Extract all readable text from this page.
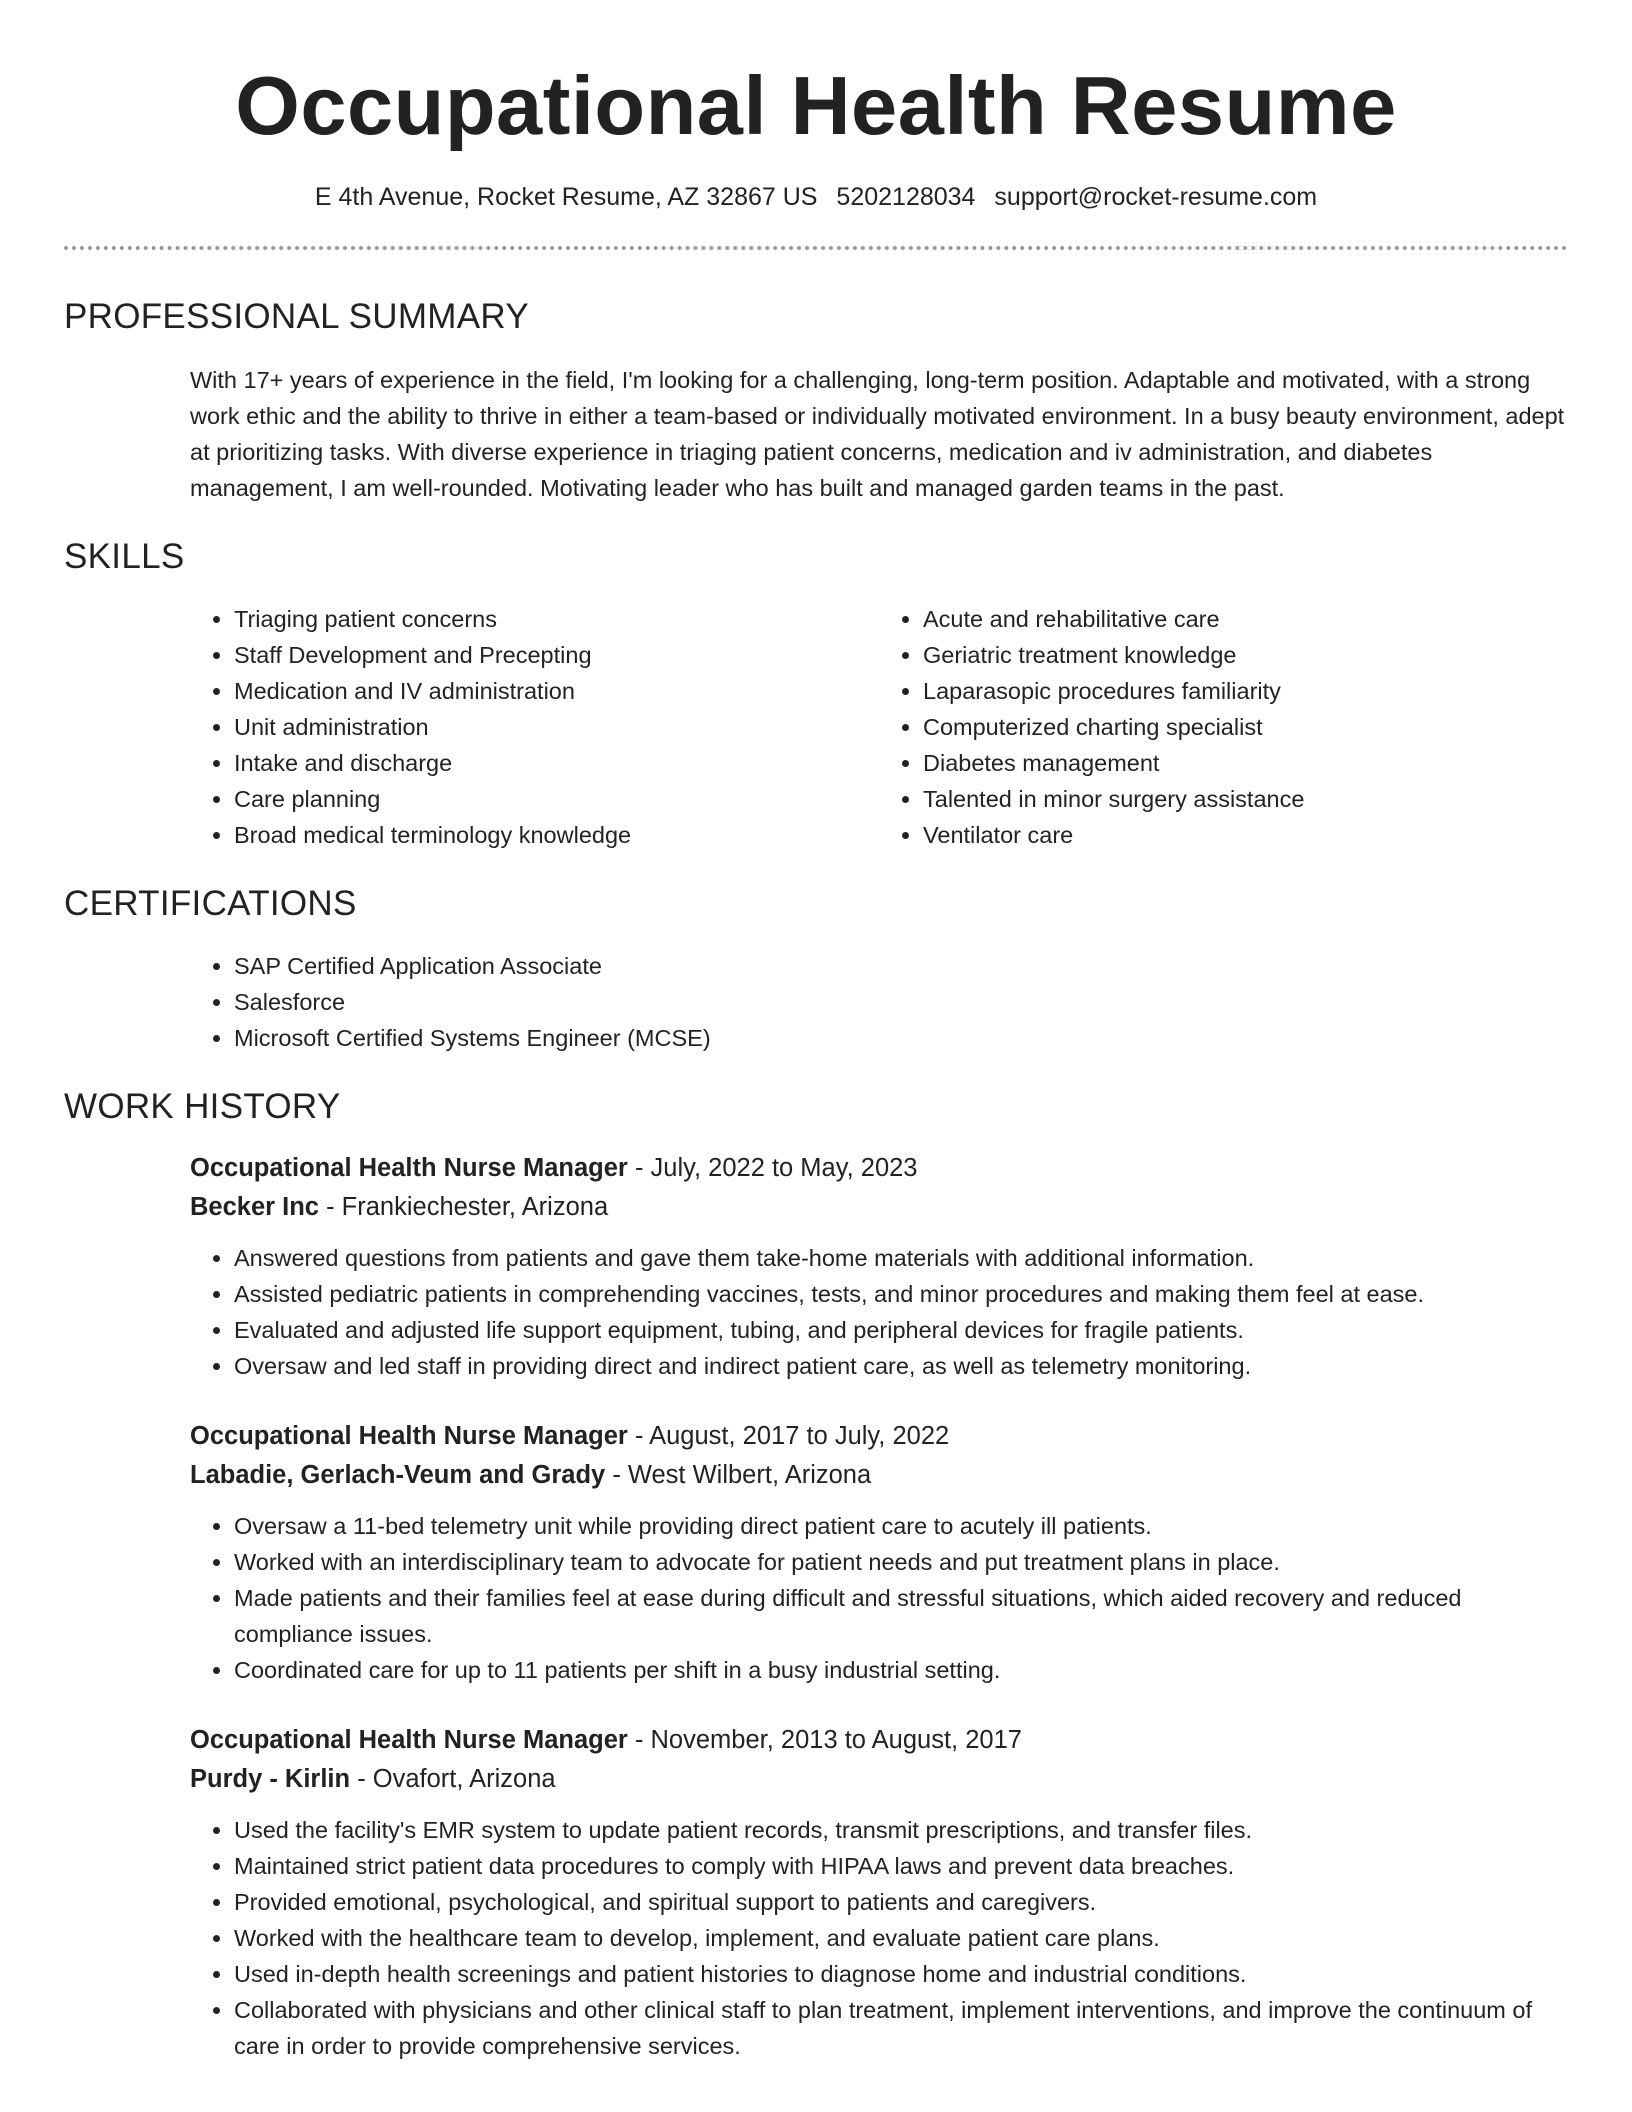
Occupational Health Resume
E 4th Avenue, Rocket Resume, AZ 32867 US 5202128034 support@rocket-resume.com
PROFESSIONAL SUMMARY

With 17+ years of experience in the field, I'm looking for a challenging, long-term position. Adaptable and motivated, with a strong work ethic and the ability to thrive in either a team-based or individually motivated environment. In a busy beauty environment, adept at prioritizing tasks. With diverse experience in triaging patient concerns, medication and iv administration, and diabetes management, I am well-rounded. Motivating leader who has built and managed garden teams in the past.

SKILLS
• Triaging patient concerns
• Staff Development and Precepting
• Medication and IV administration
• Unit administration
• Intake and discharge
• Care planning
• Broad medical terminology knowledge
• Acute and rehabilitative care
• Geriatric treatment knowledge
• Laparasopic procedures familiarity
• Computerized charting specialist
• Diabetes management
• Talented in minor surgery assistance
• Ventilator care
CERTIFICATIONS
• SAP Certified Application Associate
• Salesforce
• Microsoft Certified Systems Engineer (MCSE)
WORK HISTORY

Occupational Health Nurse Manager - July, 2022 to May, 2023

Becker Inc - Frankiechester, Arizona

• Answered questions from patients and gave them take-home materials with additional information.
• Assisted pediatric patients in comprehending vaccines, tests, and minor procedures and making them feel at ease.
• Evaluated and adjusted life support equipment, tubing, and peripheral devices for fragile patients.
• Oversaw and led staff in providing direct and indirect patient care, as well as telemetry monitoring.

Occupational Health Nurse Manager - August, 2017 to July, 2022

Labadie, Gerlach-Veum and Grady - West Wilbert, Arizona

• Oversaw a 11-bed telemetry unit while providing direct patient care to acutely ill patients.
• Worked with an interdisciplinary team to advocate for patient needs and put treatment plans in place.
• Made patients and their families feel at ease during difficult and stressful situations, which aided recovery and reduced compliance issues.
• Coordinated care for up to 11 patients per shift in a busy industrial setting.

Occupational Health Nurse Manager - November, 2013 to August, 2017

Purdy - Kirlin - Ovafort, Arizona

• Used the facility's EMR system to update patient records, transmit prescriptions, and transfer files.
• Maintained strict patient data procedures to comply with HIPAA laws and prevent data breaches.
• Provided emotional, psychological, and spiritual support to patients and caregivers.
• Worked with the healthcare team to develop, implement, and evaluate patient care plans.
• Used in-depth health screenings and patient histories to diagnose home and industrial conditions.
• Collaborated with physicians and other clinical staff to plan treatment, implement interventions, and improve the continuum of care in order to provide comprehensive services.
